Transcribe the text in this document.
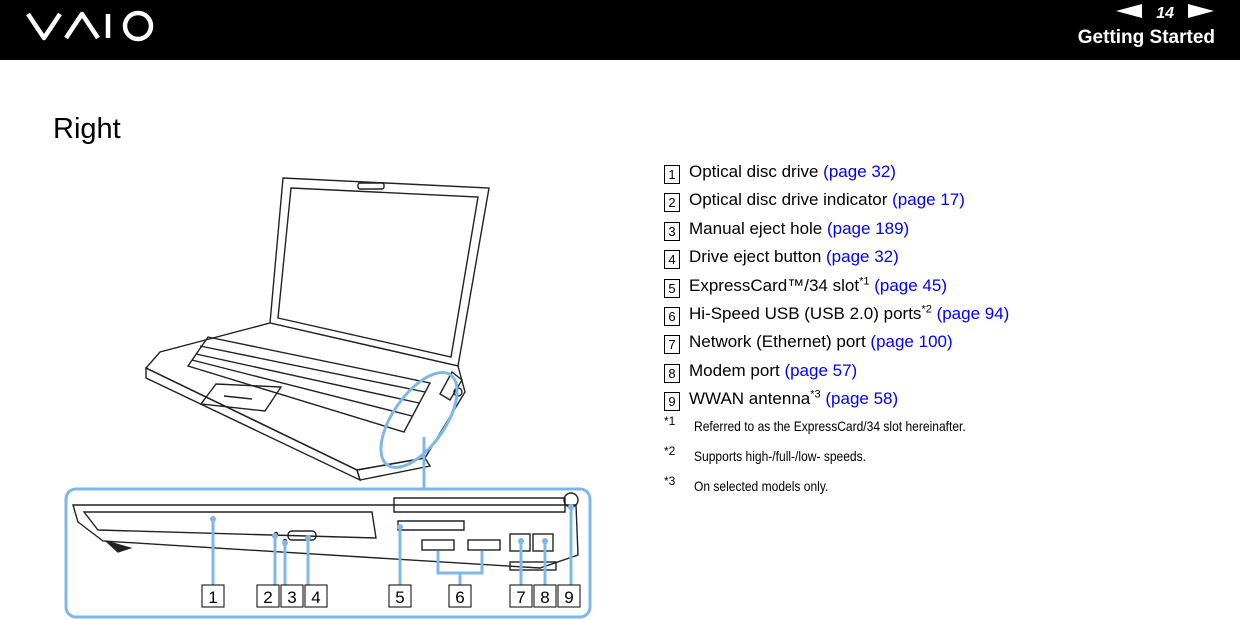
14
Getting Started
Right
1	2 3 4	5	6	7 8 9
1 Optical disc drive (page 32)
2 Optical disc drive indicator (page 17)
3 Manual eject hole (page 189)
4 Drive eject button (page 32)
5 ExpressCard™/34 slot$^{*1}$ (page 45)
6 Hi-Speed USB (USB 2.0) ports$^{*2}$ (page 94)
7 Network (Ethernet) port (page 100)
8 Modem port (page 57)
9 WWAN antenna$^{*3}$ (page 58)
*1 Referred to as the ExpressCard/34 slot hereinafter.
*2 Supports high-/full-/low- speeds.
*3 On selected models only.
